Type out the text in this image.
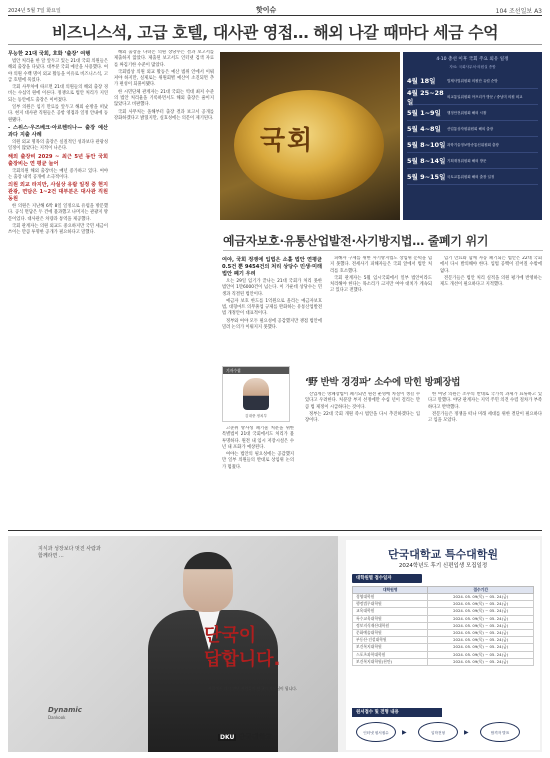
2024년 5월 7일 화요일	핫이슈	104 조선일보 A3
비즈니스석, 고급 호텔, 대사관 영접… 해외 나갈 때마다 세금 수억
무능한 21대 국회, 호화 ‘출장’ 여행

법안 처리율 한 달 앞두고 있는 21대 국회 의원들은 해외 출장을 다녔다. 대부분 국회 예산을 사용했다. 여야 의원 수백 명이 외교 활동을 이유로 비즈니스석, 고급 호텔에 묵었다.

국회 사무처에 따르면 21대 의원들의 해외 출장 경비는 수십억 원에 이른다. 정쟁으로 법안 처리가 지연되는 동안에도 출장은 이어졌다.

일부 의원은 임기 만료를 앞두고 해외 순방을 떠났다. 현지 대사관 직원들은 공항 영접과 일정 안내에 동원됐다.

- 스위스·우즈베크·아르헨티나— 출장 예산 과다 지출 사례

의원 외교 명목의 출장은 실질적인 성과보다 관광성 일정이 많았다는 지적이 나온다.

해외 출장비 2029 ~ 최근 5년 동안 국회 출장비는 연 평균 늘어

국회의원 해외 출장비는 매년 증가하고 있다. 여야는 출장 내역 공개에 소극적이다.

의원 외교 라지만, 사실상 유람 일정 중 현지 관광, 면담은 1~2건 대부분은 대사관 직원 동원

한 의원은 지난해 6박 8일 일정으로 유럽을 방문했다. 공식 면담은 두 건에 불과했고 나머지는 관광지 방문이었다. 대사관은 차량과 통역을 제공했다.

국회 관계자는 의원 외교도 중요하지만 국민 세금이 쓰이는 만큼 투명한 공개가 필요하다고 말했다.

해외 출장을 다녀온 의원 상당수는 결과 보고서를 제출하지 않았다. 제출된 보고서도 인터넷 검색 자료를 짜깁기한 수준이 많았다.

국회법상 의원 외교 활동은 예산 범위 안에서 이뤄져야 하지만, 실제로는 위원회별 예산이 소진되면 추가 편성이 되풀이됐다.

한 시민단체 관계자는 21대 국회는 역대 최저 수준의 법안 처리율을 기록하면서도 해외 출장은 줄이지 않았다고 비판했다.

국회 사무처는 올해부터 출장 결과 보고서 공개를 강화하겠다고 밝혔지만, 실효성에는 의문이 제기된다.

국회
4·10 총선 이후 국회 주요 외유 일정
자료: 국회사무처·의원실 종합
4월 18일	법제사법위원회 의원단 유럽 순방
4월 25~28일
외교통일위원회 아프리카 방문 / 중남미 의원 외교
5월 1~9일	행정안전위원회 해외 시찰
5월 4~8일	산업통상자원위원회 해외 출장
5월 8~10일 과학기술정보방송통신위원회 출장
5월 8~14일 기획재정위원회 해외 방문
5월 9~15일 국토교통위원회 해외 출장 일정
예금자보호·유통산업발전·사기방지법… 줄폐기 위기
여야, 국회 정쟁에 입법은 소홀 법안 연평균 0.5건 뿐 9454건의 처리 상당수 민생·미래 법안 폐기 우려

오는 29일 임기가 끝나는 21대 국회가 처리 못한 법안이 1만6000건이 넘는다. 이 가운데 상당수는 민생과 직결된 법안이다.

예금자 보호 한도를 1억원으로 올리는 예금자보호법, 대형마트 의무휴업 규제를 완화하는 유통산업발전법 개정안이 대표적이다.

정부와 여야 모두 필요성에 공감했지만 쟁점 법안에 밀려 논의가 이뤄지지 못했다.

피해자 구제를 위한 사기방지법도 상임위 문턱을 넘지 못했다. 전세사기 피해자들은 국회 앞에서 법안 처리를 호소했다.

국회 관계자는 5월 임시국회에서 일부 법안이라도 처리해야 한다는 목소리가 크지만 여야 대치가 계속되고 있다고 전했다.

임기 만료와 함께 자동 폐기되는 법안은 22대 국회에서 다시 발의해야 한다. 입법 공백이 길어질 수밖에 없다.

전문가들은 법안 처리 실적을 의원 평가에 반영하는 제도 개선이 필요하다고 지적했다.

기자수첩
김대중 정치부
‘野 반박 경경파’ 소수에 막힌 방폐장법

고준위 방사성 폐기물 처분을 위한 특별법이 21대 국회에서도 처리가 불투명하다. 원전 내 임시 저장시설은 수년 내 포화가 예상된다.

여야는 법안의 필요성에는 공감했지만 일부 의원들의 반대로 상임위 논의가 멈췄다.

산업계는 방폐장법이 폐기되면 원전 운영에 차질이 생길 수 있다고 우려한다. 처분장 부지 선정에만 수십 년이 걸리는 만큼 법 제정이 시급하다는 것이다.

정부는 22대 국회 개원 즉시 법안을 다시 추진하겠다는 입장이다.

한 여당 의원은 소수의 반대로 국가적 과제가 표류하고 있다고 말했다. 야당 관계자는 지역 주민 의견 수렴 절차가 부족하다고 반박했다.

전문가들은 정쟁을 떠나 미래 세대를 위한 결단이 필요하다고 입을 모았다.

지식과 성장보다 멋진 사람과
함께라면 ...
단국이
답합니다.
사회에서 다시 만난 사람들이 단국의 자부심이 됩니다.
Dynamic
Dankook
DKU 단국대학교
단국대학교 특수대학원
2024학년도 후기 신편입생 모집일정
대학원별 접수일자
대학원명	접수기간
경영대학원	2024. 05. 09(목) ~ 05. 24(금)
행정법무대학원	2024. 05. 09(목) ~ 05. 24(금)
교육대학원	2024. 05. 09(목) ~ 05. 24(금)
특수교육대학원	2024. 05. 09(목) ~ 05. 24(금)
정보지식재산대학원	2024. 05. 09(목) ~ 05. 24(금)
문화예술대학원	2024. 05. 09(목) ~ 05. 24(금)
부동산·건설대학원	2024. 05. 09(목) ~ 05. 24(금)
보건복지대학원	2024. 05. 09(목) ~ 05. 24(금)
스포츠과학대학원	2024. 05. 09(목) ~ 05. 24(금)
보건복지대학원(천안)	2024. 05. 09(목) ~ 05. 24(금)
원서접수 및 전형 내용
인터넷 원서접수	▶	입학전형	▶	합격자 발표
